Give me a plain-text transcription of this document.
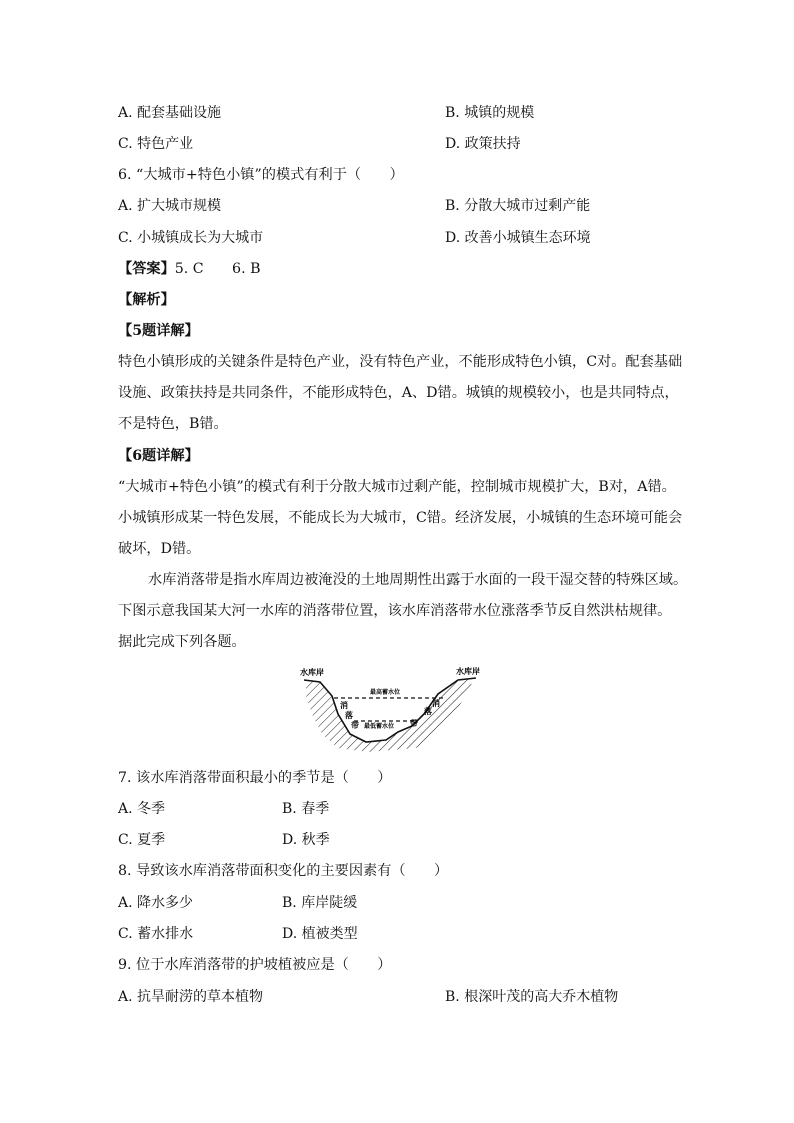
A. 配套基础设施	B. 城镇的规模
C. 特色产业	D. 政策扶持
6. “大城市+特色小镇”的模式有利于（　　）
A. 扩大城市规模	B. 分散大城市过剩产能
C. 小城镇成长为大城市	D. 改善小城镇生态环境
【答案】5. C　　6. B
【解析】
【5题详解】
特色小镇形成的关键条件是特色产业，没有特色产业，不能形成特色小镇，C对。配套基础
设施、政策扶持是共同条件，不能形成特色，A、D错。城镇的规模较小，也是共同特点，
不是特色，B错。
【6题详解】
“大城市+特色小镇”的模式有利于分散大城市过剩产能，控制城市规模扩大，B对，A错。
小城镇形成某一特色发展，不能成长为大城市，C错。经济发展，小城镇的生态环境可能会
破坏，D错。
水库消落带是指水库周边被淹没的土地周期性出露于水面的一段干湿交替的特殊区域。
下图示意我国某大河一水库的消落带位置，该水库消落带水位涨落季节反自然洪枯规律。
据此完成下列各题。
水库岸	水库岸
最高蓄水位
最低蓄水位
消
落
带
落
消
带
7. 该水库消落带面积最小的季节是（　　）
A. 冬季	B. 春季
C. 夏季	D. 秋季
8. 导致该水库消落带面积变化的主要因素有（　　）
A. 降水多少	B. 库岸陡缓
C. 蓄水排水	D. 植被类型
9. 位于水库消落带的护坡植被应是（　　）
A. 抗旱耐涝的草本植物	B. 根深叶茂的高大乔木植物
